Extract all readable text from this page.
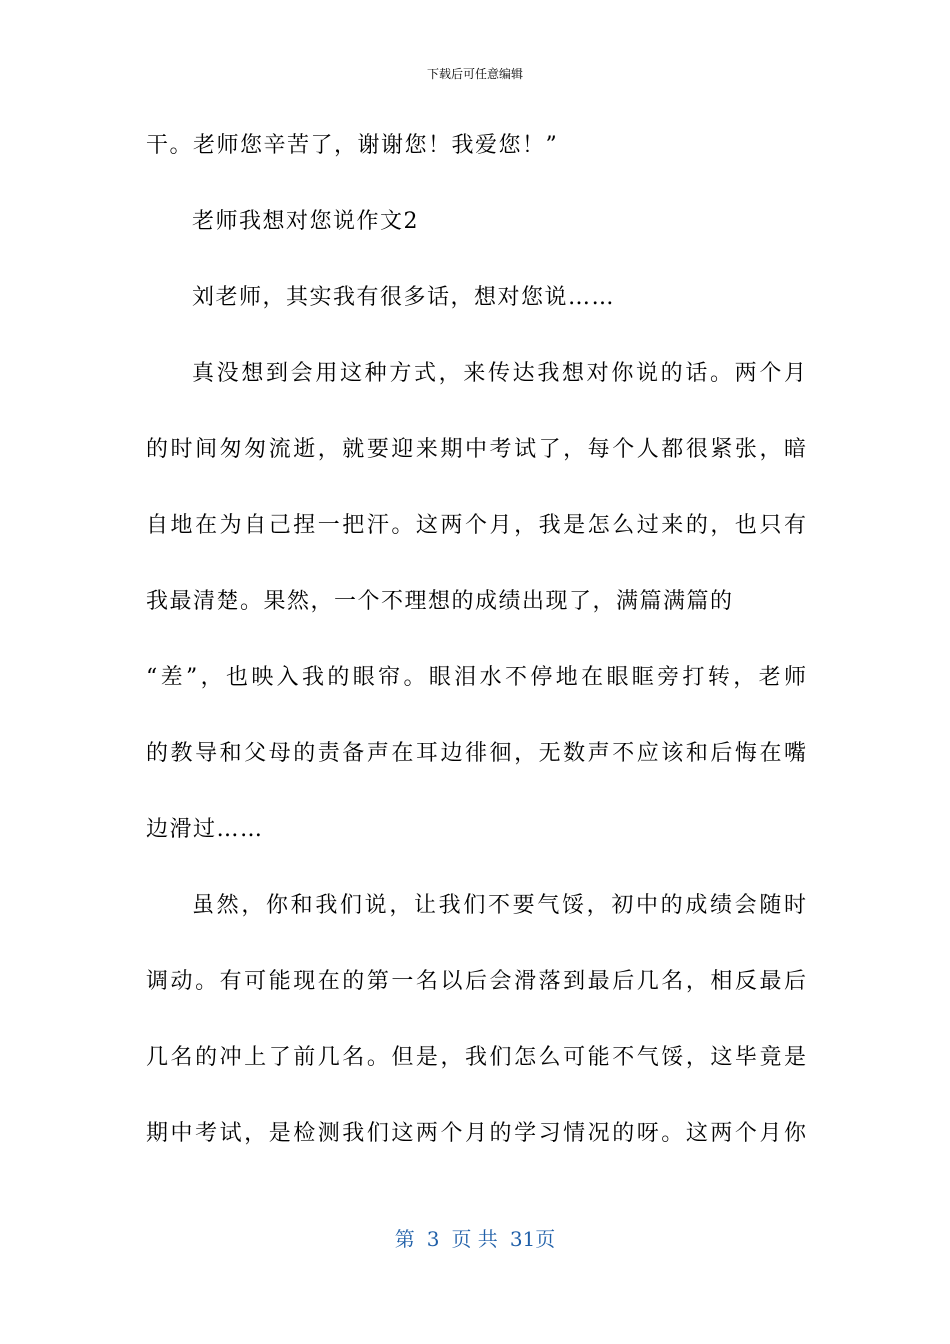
下载后可任意编辑
干。老师您辛苦了，谢谢您！我爱您！”
老师我想对您说作文2
刘老师，其实我有很多话，想对您说……
真没想到会用这种方式，来传达我想对你说的话。两个月
的时间匆匆流逝，就要迎来期中考试了，每个人都很紧张，暗
自地在为自己捏一把汗。这两个月，我是怎么过来的，也只有
我最清楚。果然，一个不理想的成绩出现了，满篇满篇的
“差”，也映入我的眼帘。眼泪水不停地在眼眶旁打转，老师
的教导和父母的责备声在耳边徘徊，无数声不应该和后悔在嘴
边滑过……
虽然，你和我们说，让我们不要气馁，初中的成绩会随时
调动。有可能现在的第一名以后会滑落到最后几名，相反最后
几名的冲上了前几名。但是，我们怎么可能不气馁，这毕竟是
期中考试，是检测我们这两个月的学习情况的呀。这两个月你
第 3 页 共 31页
